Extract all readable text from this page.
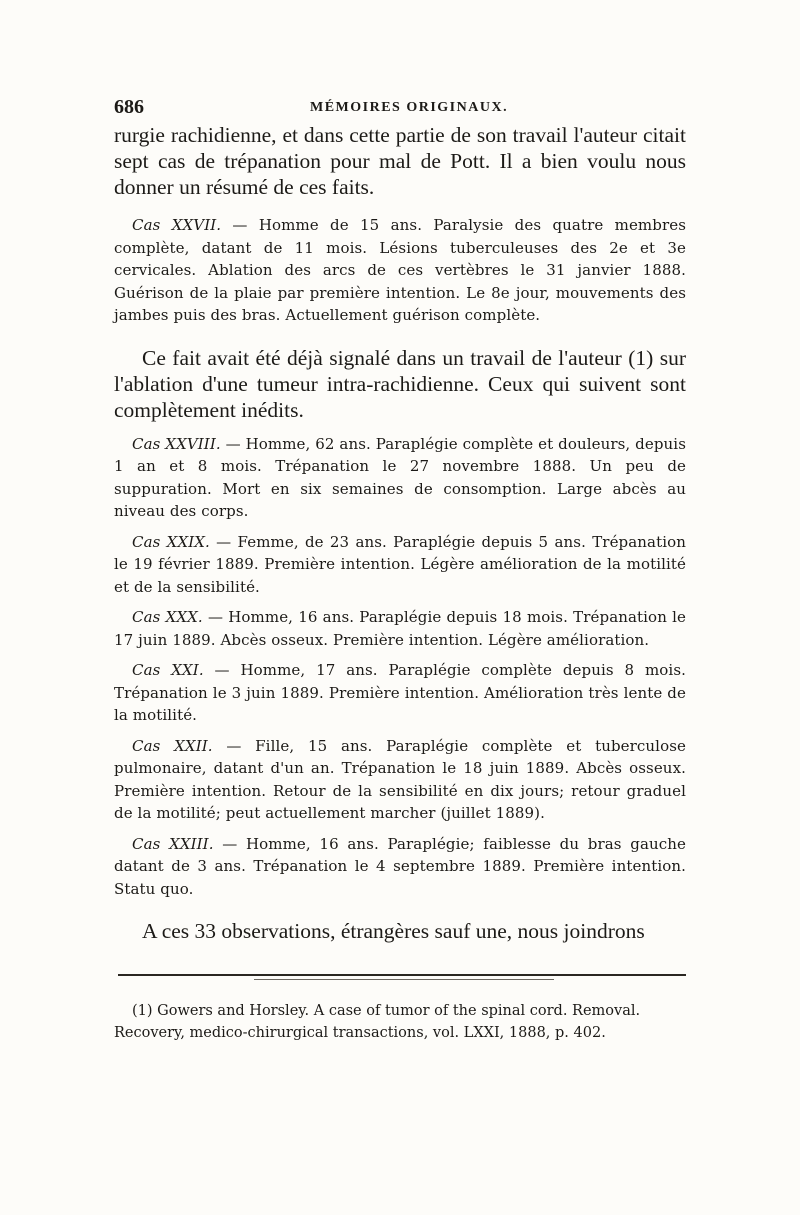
686	MÉMOIRES ORIGINAUX.

rurgie rachidienne, et dans cette partie de son travail l'auteur citait sept cas de trépanation pour mal de Pott. Il a bien voulu nous donner un résumé de ces faits.

Cas XXVII. — Homme de 15 ans. Paralysie des quatre membres complète, datant de 11 mois. Lésions tuberculeuses des 2e et 3e cervicales. Ablation des arcs de ces vertèbres le 31 janvier 1888. Guérison de la plaie par première intention. Le 8e jour, mouvements des jambes puis des bras. Actuellement guérison complète.

Ce fait avait été déjà signalé dans un travail de l'auteur (1) sur l'ablation d'une tumeur intra-rachidienne. Ceux qui suivent sont complètement inédits.

Cas XXVIII. — Homme, 62 ans. Paraplégie complète et douleurs, depuis 1 an et 8 mois. Trépanation le 27 novembre 1888. Un peu de suppuration. Mort en six semaines de consomption. Large abcès au niveau des corps.

Cas XXIX. — Femme, de 23 ans. Paraplégie depuis 5 ans. Trépanation le 19 février 1889. Première intention. Légère amélioration de la motilité et de la sensibilité.

Cas XXX. — Homme, 16 ans. Paraplégie depuis 18 mois. Trépanation le 17 juin 1889. Abcès osseux. Première intention. Légère amélioration.

Cas XXI. — Homme, 17 ans. Paraplégie complète depuis 8 mois. Trépanation le 3 juin 1889. Première intention. Amélioration très lente de la motilité.

Cas XXII. — Fille, 15 ans. Paraplégie complète et tuberculose pulmonaire, datant d'un an. Trépanation le 18 juin 1889. Abcès osseux. Première intention. Retour de la sensibilité en dix jours; retour graduel de la motilité; peut actuellement marcher (juillet 1889).

Cas XXIII. — Homme, 16 ans. Paraplégie; faiblesse du bras gauche datant de 3 ans. Trépanation le 4 septembre 1889. Première intention. Statu quo.

A ces 33 observations, étrangères sauf une, nous joindrons

(1) Gowers and Horsley. A case of tumor of the spinal cord. Removal. Recovery, medico-chirurgical transactions, vol. LXXI, 1888, p. 402.
